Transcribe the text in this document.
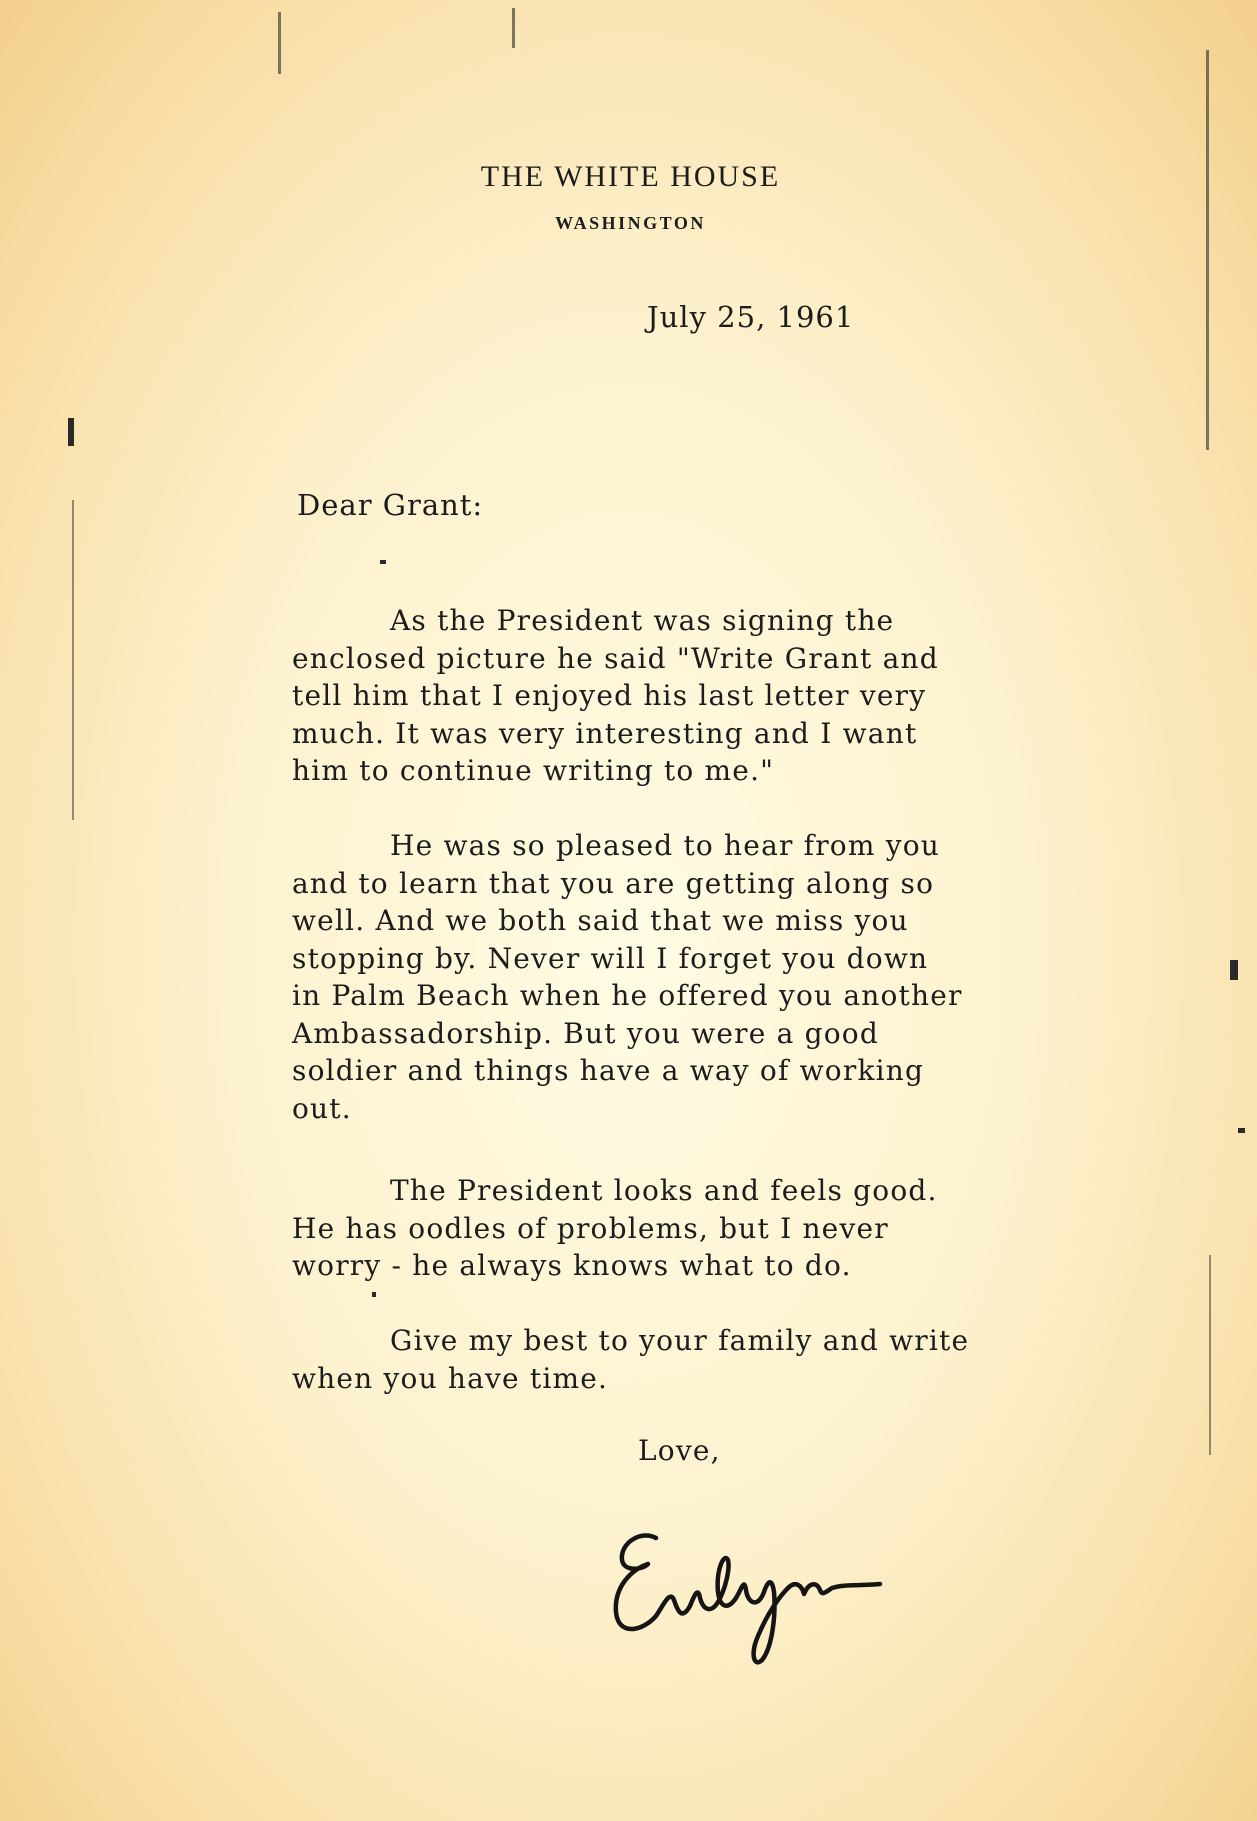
THE WHITE HOUSE
WASHINGTON
July 25, 1961
Dear Grant:
As the President was signing the
enclosed picture he said "Write Grant and
tell him that I enjoyed his last letter very
much. It was very interesting and I want
him to continue writing to me."
He was so pleased to hear from you
and to learn that you are getting along so
well. And we both said that we miss you
stopping by. Never will I forget you down
in Palm Beach when he offered you another
Ambassadorship. But you were a good
soldier and things have a way of working
out.
The President looks and feels good.
He has oodles of problems, but I never
worry - he always knows what to do.
Give my best to your family and write
when you have time.
Love,
